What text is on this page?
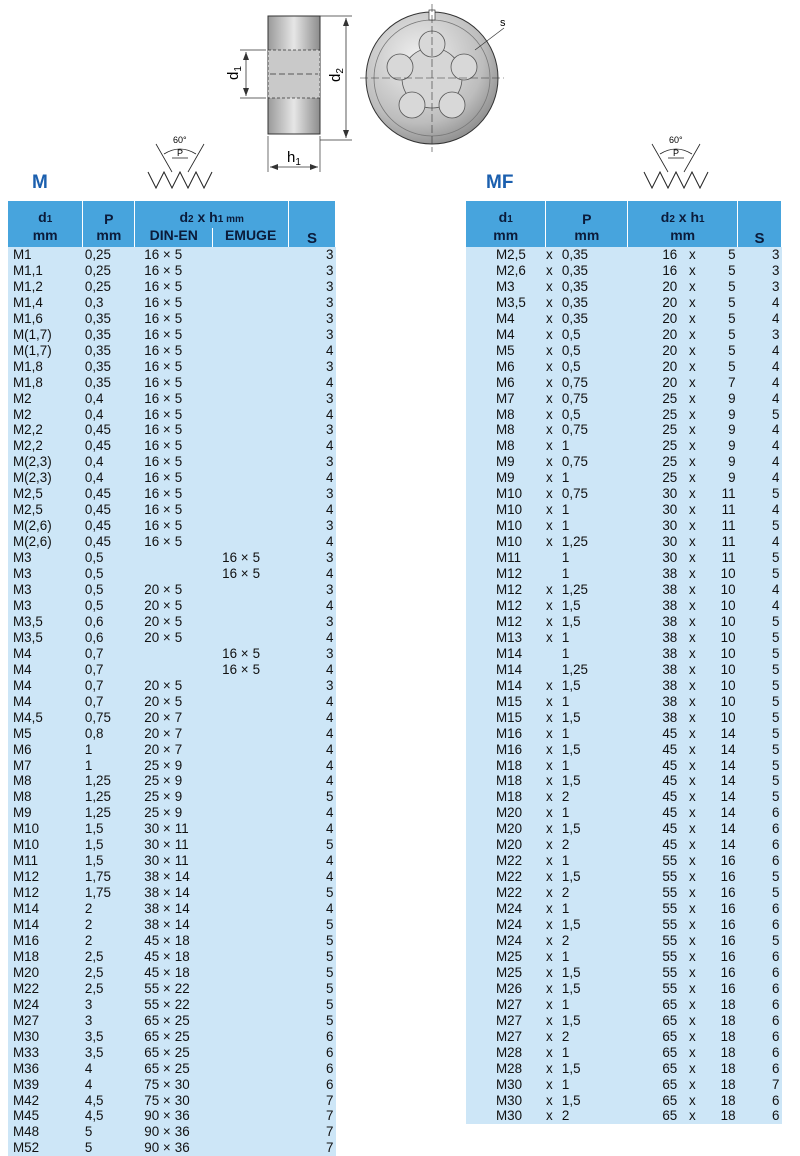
$d_1$
$d_2$
$h_1$
s
60°
P
60°
P
M	MF
d1	P	d2 x h1 mm				S
mm	mm	DIN-EN		EMUGE		
M1	0,25	16 ×	5			3
M1,1	0,25	16 ×	5			3
M1,2	0,25	16 ×	5			3
M1,4	0,3	16 ×	5			3
M1,6	0,35	16 ×	5			3
M(1,7)	0,35	16 ×	5			3
M(1,7)	0,35	16 ×	5			4
M1,8	0,35	16 ×	5			3
M1,8	0,35	16 ×	5			4
M2	0,4	16 ×	5			3
M2	0,4	16 ×	5			4
M2,2	0,45	16 ×	5			3
M2,2	0,45	16 ×	5			4
M(2,3)	0,4	16 ×	5			3
M(2,3)	0,4	16 ×	5			4
M2,5	0,45	16 ×	5			3
M2,5	0,45	16 ×	5			4
M(2,6)	0,45	16 ×	5			3
M(2,6)	0,45	16 ×	5			4
M3	0,5			16 ×	5	3
M3	0,5			16 ×	5	4
M3	0,5	20 ×	5			3
M3	0,5	20 ×	5			4
M3,5	0,6	20 ×	5			3
M3,5	0,6	20 ×	5			4
M4	0,7			16 ×	5	3
M4	0,7			16 ×	5	4
M4	0,7	20 ×	5			3
M4	0,7	20 ×	5			4
M4,5	0,75	20 ×	7			4
M5	0,8	20 ×	7			4
M6	1	20 ×	7			4
M7	1	25 ×	9			4
M8	1,25	25 ×	9			4
M8	1,25	25 ×	9			5
M9	1,25	25 ×	9			4
M10	1,5	30 ×	11			4
M10	1,5	30 ×	11			5
M11	1,5	30 ×	11			4
M12	1,75	38 ×	14			4
M12	1,75	38 ×	14			5
M14	2	38 ×	14			4
M14	2	38 ×	14			5
M16	2	45 ×	18			5
M18	2,5	45 ×	18			5
M20	2,5	45 ×	18			5
M22	2,5	55 ×	22			5
M24	3	55 ×	22			5
M27	3	65 ×	25			5
M30	3,5	65 ×	25			6
M33	3,5	65 ×	25			6
M36	4	65 ×	25			6
M39	4	75 ×	30			6
M42	4,5	75 ×	30			7
M45	4,5	90 ×	36			7
M48	5	90 ×	36			7
M52	5	90 ×	36			7
d1	P		d2 x h1		S
mm	mm		mm		
M2,5	x	0,35	16 x	5	3
M2,6	x	0,35	16 x	5	3
M3	x	0,35	20 x	5	3
M3,5	x	0,35	20 x	5	4
M4	x	0,35	20 x	5	4
M4	x	0,5	20 x	5	3
M5	x	0,5	20 x	5	4
M6	x	0,5	20 x	5	4
M6	x	0,75	20 x	7	4
M7	x	0,75	25 x	9	4
M8	x	0,5	25 x	9	5
M8	x	0,75	25 x	9	4
M8	x	1	25 x	9	4
M9	x	0,75	25 x	9	4
M9	x	1	25 x	9	4
M10	x	0,75	30 x	11	5
M10	x	1	30 x	11	4
M10	x	1	30 x	11	5
M10	x	1,25	30 x	11	4
M11		1	30 x	11	5
M12		1	38 x	10	5
M12	x	1,25	38 x	10	4
M12	x	1,5	38 x	10	4
M12	x	1,5	38 x	10	5
M13	x	1	38 x	10	5
M14		1	38 x	10	5
M14		1,25	38 x	10	5
M14	x	1,5	38 x	10	5
M15	x	1	38 x	10	5
M15	x	1,5	38 x	10	5
M16	x	1	45 x	14	5
M16	x	1,5	45 x	14	5
M18	x	1	45 x	14	5
M18	x	1,5	45 x	14	5
M18	x	2	45 x	14	5
M20	x	1	45 x	14	6
M20	x	1,5	45 x	14	6
M20	x	2	45 x	14	6
M22	x	1	55 x	16	6
M22	x	1,5	55 x	16	5
M22	x	2	55 x	16	5
M24	x	1	55 x	16	6
M24	x	1,5	55 x	16	6
M24	x	2	55 x	16	5
M25	x	1	55 x	16	6
M25	x	1,5	55 x	16	6
M26	x	1,5	55 x	16	6
M27	x	1	65 x	18	6
M27	x	1,5	65 x	18	6
M27	x	2	65 x	18	6
M28	x	1	65 x	18	6
M28	x	1,5	65 x	18	6
M30	x	1	65 x	18	7
M30	x	1,5	65 x	18	6
M30	x	2	65 x	18	6
